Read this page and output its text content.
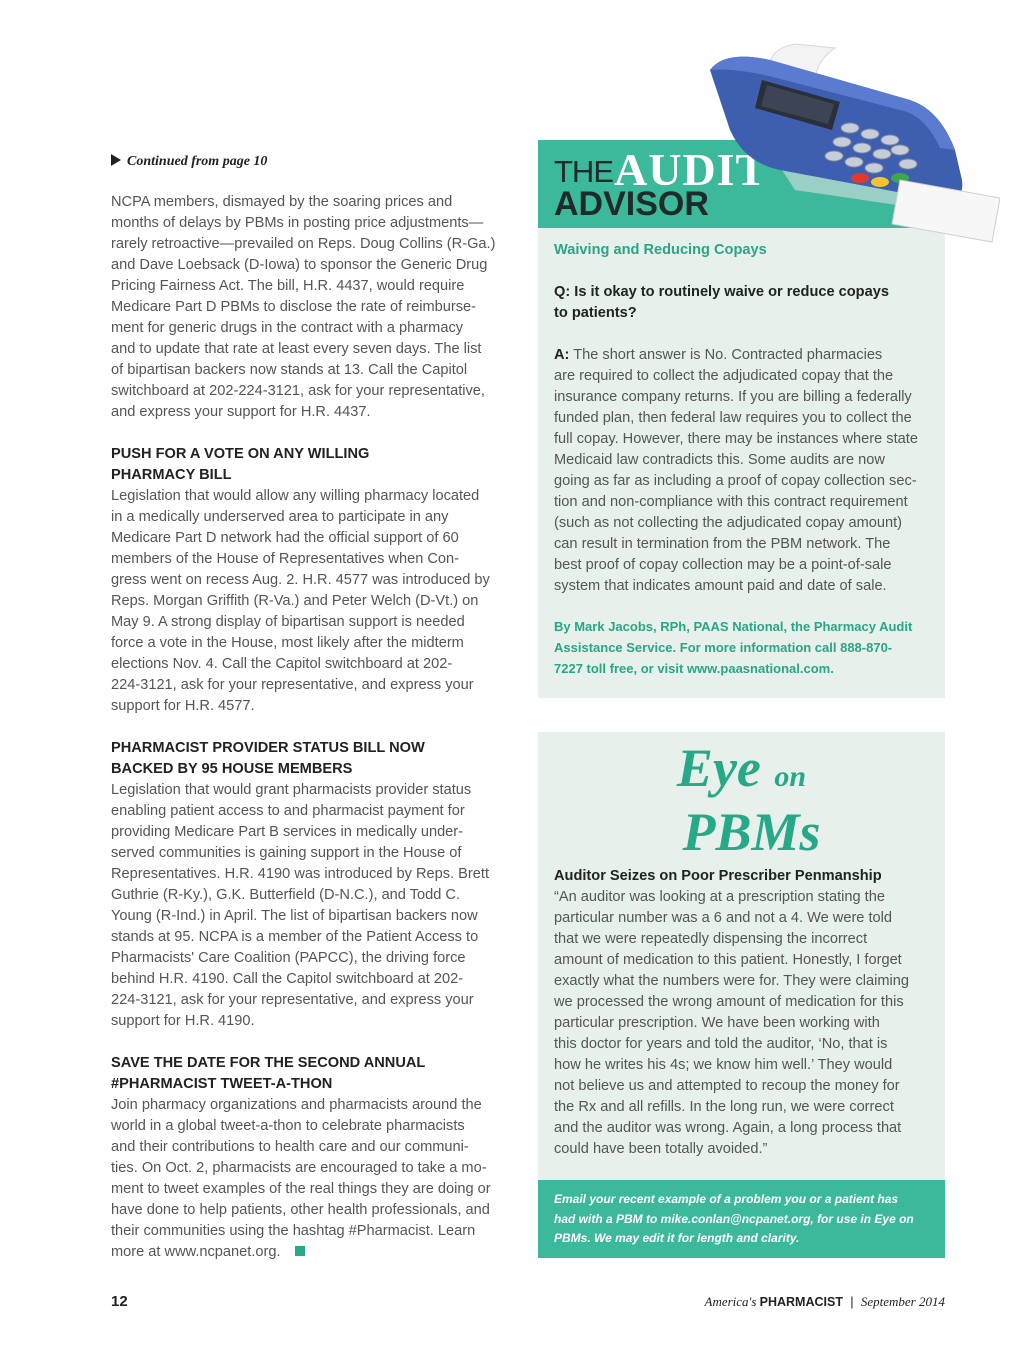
Continued from page 10
NCPA members, dismayed by the soaring prices and
months of delays by PBMs in posting price adjustments—
rarely retroactive—prevailed on Reps. Doug Collins (R-Ga.)
and Dave Loebsack (D-Iowa) to sponsor the Generic Drug
Pricing Fairness Act. The bill, H.R. 4437, would require
Medicare Part D PBMs to disclose the rate of reimburse-
ment for generic drugs in the contract with a pharmacy
and to update that rate at least every seven days. The list
of bipartisan backers now stands at 13. Call the Capitol
switchboard at 202-224-3121, ask for your representative,
and express your support for H.R. 4437.
PUSH FOR A VOTE ON ANY WILLING
PHARMACY BILL
Legislation that would allow any willing pharmacy located
in a medically underserved area to participate in any
Medicare Part D network had the official support of 60
members of the House of Representatives when Con-
gress went on recess Aug. 2. H.R. 4577 was introduced by
Reps. Morgan Griffith (R-Va.) and Peter Welch (D-Vt.) on
May 9. A strong display of bipartisan support is needed
force a vote in the House, most likely after the midterm
elections Nov. 4. Call the Capitol switchboard at 202-
224-3121, ask for your representative, and express your
support for H.R. 4577.
PHARMACIST PROVIDER STATUS BILL NOW
BACKED BY 95 HOUSE MEMBERS
Legislation that would grant pharmacists provider status
enabling patient access to and pharmacist payment for
providing Medicare Part B services in medically under-
served communities is gaining support in the House of
Representatives. H.R. 4190 was introduced by Reps. Brett
Guthrie (R-Ky.), G.K. Butterfield (D-N.C.), and Todd C.
Young (R-Ind.) in April. The list of bipartisan backers now
stands at 95. NCPA is a member of the Patient Access to
Pharmacists' Care Coalition (PAPCC), the driving force
behind H.R. 4190. Call the Capitol switchboard at 202-
224-3121, ask for your representative, and express your
support for H.R. 4190.
SAVE THE DATE FOR THE SECOND ANNUAL
#PHARMACIST TWEET-A-THON
Join pharmacy organizations and pharmacists around the
world in a global tweet-a-thon to celebrate pharmacists
and their contributions to health care and our communi-
ties. On Oct. 2, pharmacists are encouraged to take a mo-
ment to tweet examples of the real things they are doing or
have done to help patients, other health professionals, and
their communities using the hashtag #Pharmacist. Learn
more at www.ncpanet.org.
THE AUDIT
ADVISOR

Waiving and Reducing Copays

Q: Is it okay to routinely waive or reduce copays
to patients?

A: The short answer is No. Contracted pharmacies
are required to collect the adjudicated copay that the
insurance company returns. If you are billing a federally
funded plan, then federal law requires you to collect the
full copay. However, there may be instances where state
Medicaid law contradicts this. Some audits are now
going as far as including a proof of copay collection sec-
tion and non-compliance with this contract requirement
(such as not collecting the adjudicated copay amount)
can result in termination from the PBM network. The
best proof of copay collection may be a point-of-sale
system that indicates amount paid and date of sale.

By Mark Jacobs, RPh, PAAS National, the Pharmacy Audit
Assistance Service. For more information call 888-870-
7227 toll free, or visit www.paasnational.com.

Eye on
PBMs

Auditor Seizes on Poor Prescriber Penmanship

“An auditor was looking at a prescription stating the
particular number was a 6 and not a 4. We were told
that we were repeatedly dispensing the incorrect
amount of medication to this patient. Honestly, I forget
exactly what the numbers were for. They were claiming
we processed the wrong amount of medication for this
particular prescription. We have been working with
this doctor for years and told the auditor, ‘No, that is
how he writes his 4s; we know him well.’ They would
not believe us and attempted to recoup the money for
the Rx and all refills. In the long run, we were correct
and the auditor was wrong. Again, a long process that
could have been totally avoided.”
Email your recent example of a problem you or a patient has
had with a PBM to mike.conlan@ncpanet.org, for use in Eye on
PBMs. We may edit it for length and clarity.
12	America's PHARMACIST | September 2014
